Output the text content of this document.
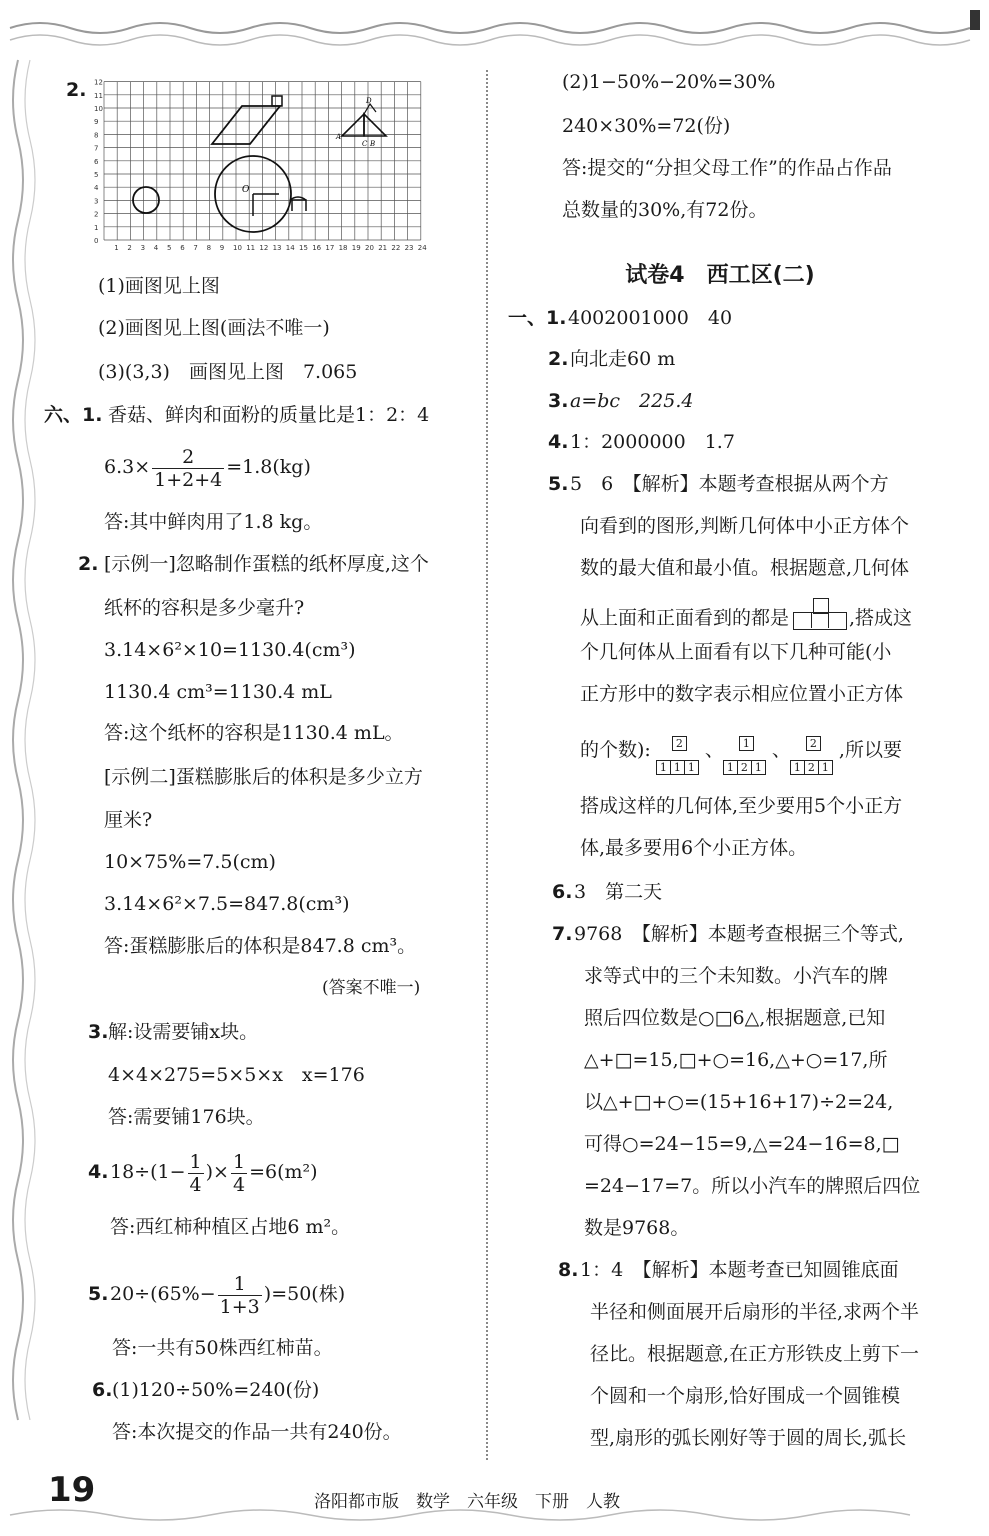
2.
1 2 3 4 5 6 7 8 9 10 11 12 13 14 15 16 17 18 19 20 21 22 23 24
0
1
2
3
4
5
6
7
8
9
10
11
12
O
D
A
C B
(1)画图见上图
(2)画图见上图(画法不唯一)
(3)(3,3)　画图见上图　7.065
六、1. 香菇、鲜肉和面粉的质量比是1：2：4
$6.3\times \frac{2}{1+2+4} =1.8(kg)$
答:其中鲜肉用了1.8 kg。
2. [示例一]忽略制作蛋糕的纸杯厚度,这个
纸杯的容积是多少毫升?
3.14×6²×10=1130.4(cm³)
1130.4 cm³=1130.4 mL
答:这个纸杯的容积是1130.4 mL。
[示例二]蛋糕膨胀后的体积是多少立方
厘米?
10×75%=7.5(cm)
3.14×6²×7.5=847.8(cm³)
答:蛋糕膨胀后的体积是847.8 cm³。
(答案不唯一)
3. 解:设需要铺x块。
4×4×275=5×5×x　x=176
答:需要铺176块。
4. $18\div(1- \frac{1}{4}$ )× $\frac{1}{4} =6(m^2)$
答:西红柿种植区占地6 m²。
5. $20\div(65\%- \frac{1}{1+3} )=50$(株)
答:一共有50株西红柿苗。
6. (1)120÷50%=240(份)
答:本次提交的作品一共有240份。
(2)1−50%−20%=30%
240×30%=72(份)
答:提交的“分担父母工作”的作品占作品
总数量的30%,有72份。
试卷4　西工区(二)
一、1. 4002001000　40
2. 向北走60 m
3. a=bc　225.4
4. 1：2000000　1.7
5. 5　6　【解析】本题考查根据从两个方
向看到的图形,判断几何体中小正方体个
数的最大值和最小值。根据题意,几何体
从上面和正面看到的都是	,搭成这
个几何体从上面看有以下几种可能(小
正方形中的数字表示相应位置小正方体
的个数):	2
1 1 1
、	1
1 2 1
、	2
1 2 1
,所以要
搭成这样的几何体,至少要用5个小正方
体,最多要用6个小正方体。
6. 3　第二天
7. 9768　【解析】本题考查根据三个等式,
求等式中的三个未知数。小汽车的牌
照后四位数是○□6△,根据题意,已知
△+□=15,□+○=16,△+○=17,所
以△+□+○=(15+16+17)÷2=24,
可得○=24−15=9,△=24−16=8,□
=24−17=7。所以小汽车的牌照后四位
数是9768。
8. 1：4　【解析】本题考查已知圆锥底面
半径和侧面展开后扇形的半径,求两个半
径比。根据题意,在正方形铁皮上剪下一
个圆和一个扇形,恰好围成一个圆锥模
型,扇形的弧长刚好等于圆的周长,弧长
19	洛阳都市版　数学　六年级　下册　人教
